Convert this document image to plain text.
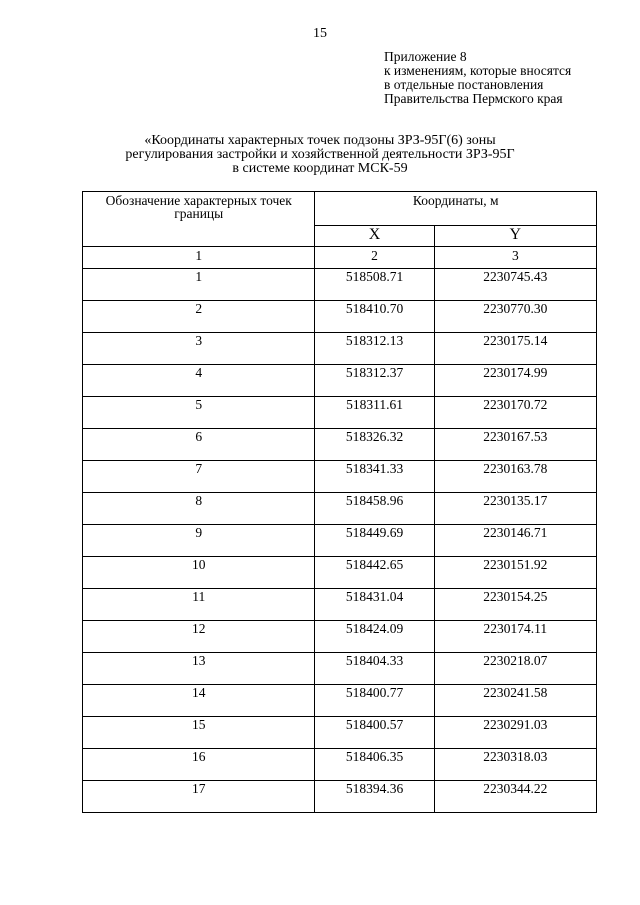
15
Приложение 8
к изменениям, которые вносятся
в отдельные постановления
Правительства Пермского края
«Координаты характерных точек подзоны ЗРЗ-95Г(6) зоны
регулирования застройки и хозяйственной деятельности ЗРЗ-95Г
в системе координат МСК-59
Обозначение характерных точек границы	Координаты, м	
	X	Y
1	2	3
1	518508.71	2230745.43
2	518410.70	2230770.30
3	518312.13	2230175.14
4	518312.37	2230174.99
5	518311.61	2230170.72
6	518326.32	2230167.53
7	518341.33	2230163.78
8	518458.96	2230135.17
9	518449.69	2230146.71
10	518442.65	2230151.92
11	518431.04	2230154.25
12	518424.09	2230174.11
13	518404.33	2230218.07
14	518400.77	2230241.58
15	518400.57	2230291.03
16	518406.35	2230318.03
17	518394.36	2230344.22
